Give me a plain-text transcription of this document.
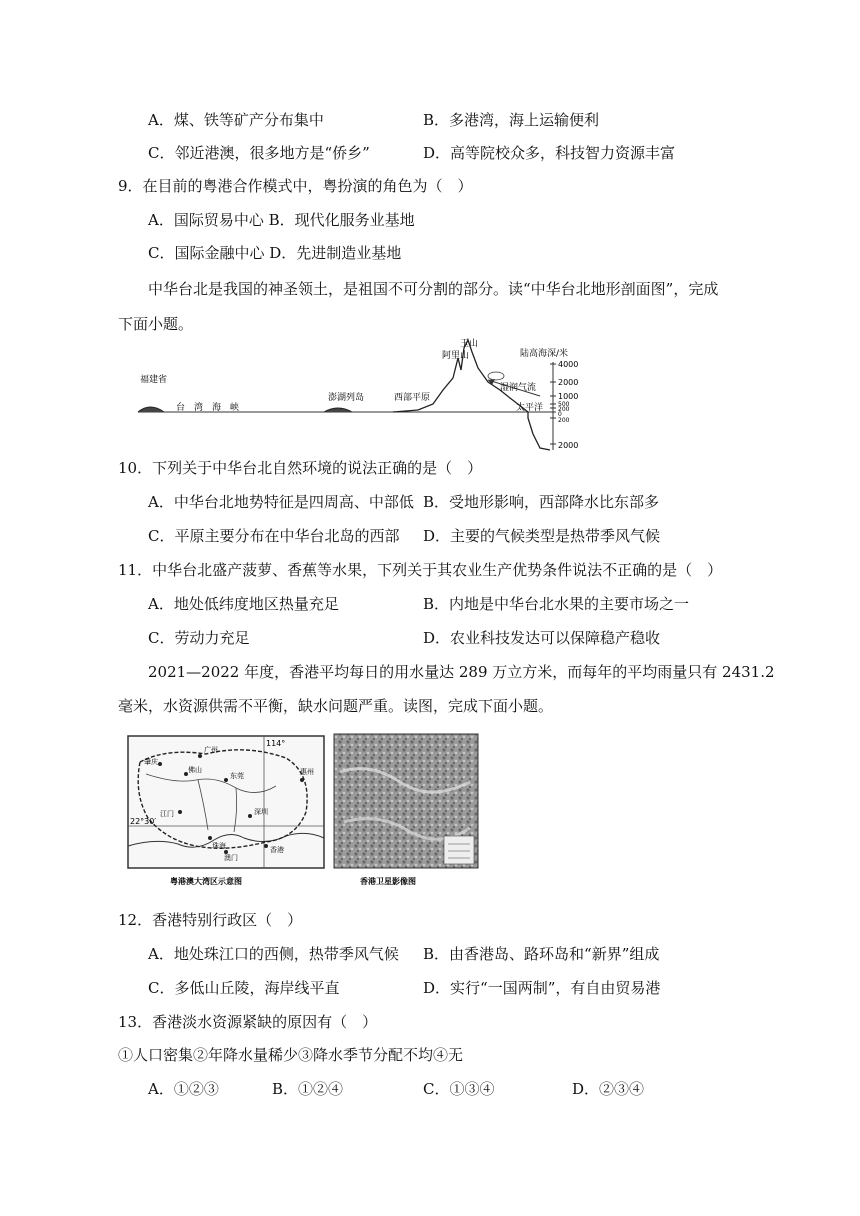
A．煤、铁等矿产分布集中	B．多港湾，海上运输便利
C．邻近港澳，很多地方是“侨乡”	D．高等院校众多，科技智力资源丰富
9．在目前的粤港合作模式中，粤扮演的角色为（　）
A．国际贸易中心 B．现代化服务业基地
C．国际金融中心 D．先进制造业基地
中华台北是我国的神圣领土，是祖国不可分割的部分。读“中华台北地形剖面图”，完成
下面小题。
福建省
台　湾　海　峡
澎湖列岛	西部平原
阿里山
玉山
湿润气流
太平洋
陆高海深/米
4000
2000
1000
500
200
0
200
2000
10．下列关于中华台北自然环境的说法正确的是（　）
A．中华台北地势特征是四周高、中部低 B．受地形影响，西部降水比东部多
C．平原主要分布在中华台北岛的西部 D．主要的气候类型是热带季风气候
11．中华台北盛产菠萝、香蕉等水果，下列关于其农业生产优势条件说法不正确的是（　）
A．地处低纬度地区热量充足	B．内地是中华台北水果的主要市场之一
C．劳动力充足	D．农业科技发达可以保障稳产稳收
2021—2022 年度，香港平均每日的用水量达 289 万立方米，而每年的平均雨量只有 2431.2
毫米，水资源供需不平衡，缺水问题严重。读图，完成下面小题。
广州
肇庆
东莞	惠州
江门	深圳
珠海
澳门
香港
佛山
114°
22°30′
粤港澳大湾区示意图	香港卫星影像图
12．香港特别行政区（　）
A．地处珠江口的西侧，热带季风气候 B．由香港岛、路环岛和“新界”组成
C．多低山丘陵，海岸线平直	D．实行“一国两制”，有自由贸易港
13．香港淡水资源紧缺的原因有（　）
①人口密集②年降水量稀少③降水季节分配不均④无
A．①②③	B．①②④	C．①③④	D．②③④
